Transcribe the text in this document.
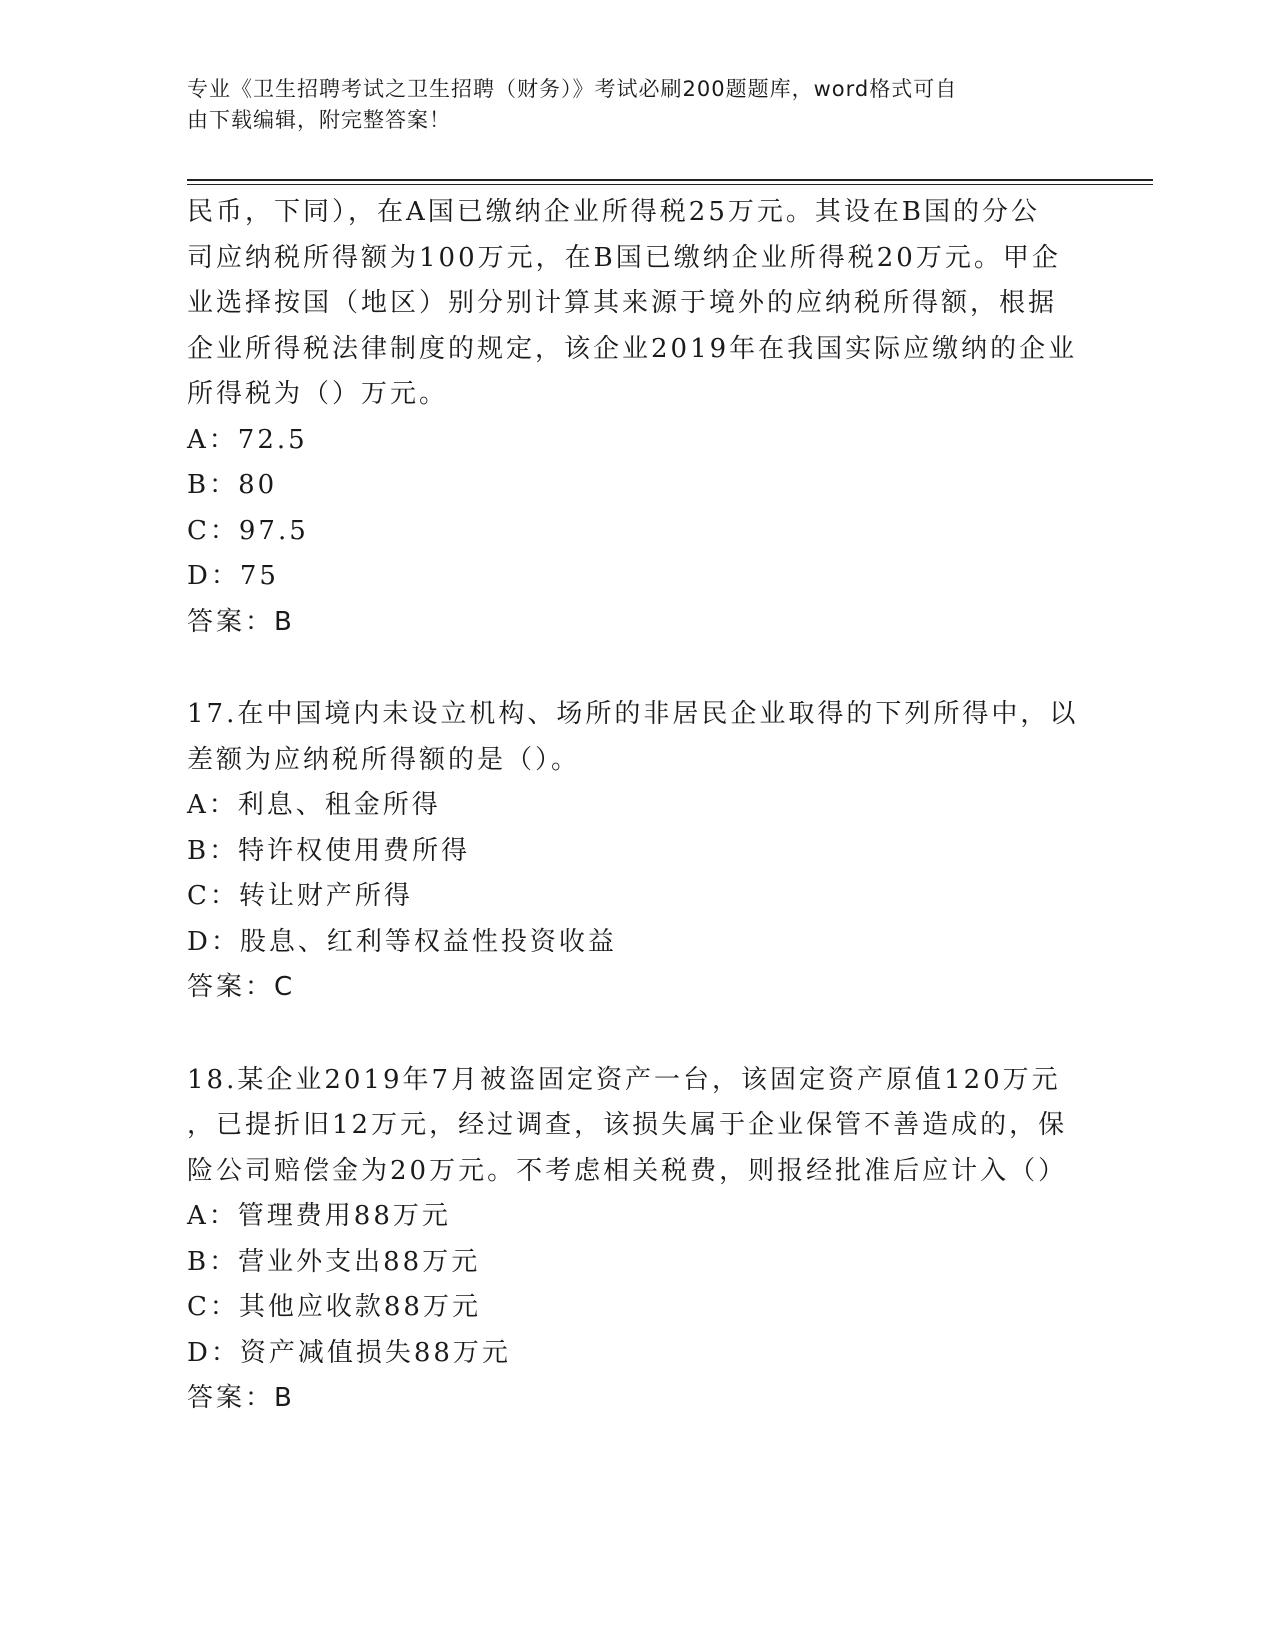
专业《卫生招聘考试之卫生招聘（财务）》考试必刷200题题库，word格式可自
由下载编辑，附完整答案！
民币，下同），在A国已缴纳企业所得税25万元。其设在B国的分公
司应纳税所得额为100万元，在B国已缴纳企业所得税20万元。甲企
业选择按国（地区）别分别计算其来源于境外的应纳税所得额，根据
企业所得税法律制度的规定，该企业2019年在我国实际应缴纳的企业
所得税为（）万元。
A：72.5
B：80
C：97.5
D：75
答案：B
17.在中国境内未设立机构、场所的非居民企业取得的下列所得中，以
差额为应纳税所得额的是（）。
A：利息、租金所得
B：特许权使用费所得
C：转让财产所得
D：股息、红利等权益性投资收益
答案：C
18.某企业2019年7月被盗固定资产一台，该固定资产原值120万元
，已提折旧12万元，经过调查，该损失属于企业保管不善造成的，保
险公司赔偿金为20万元。不考虑相关税费，则报经批准后应计入（）
A：管理费用88万元
B：营业外支出88万元
C：其他应收款88万元
D：资产减值损失88万元
答案：B
